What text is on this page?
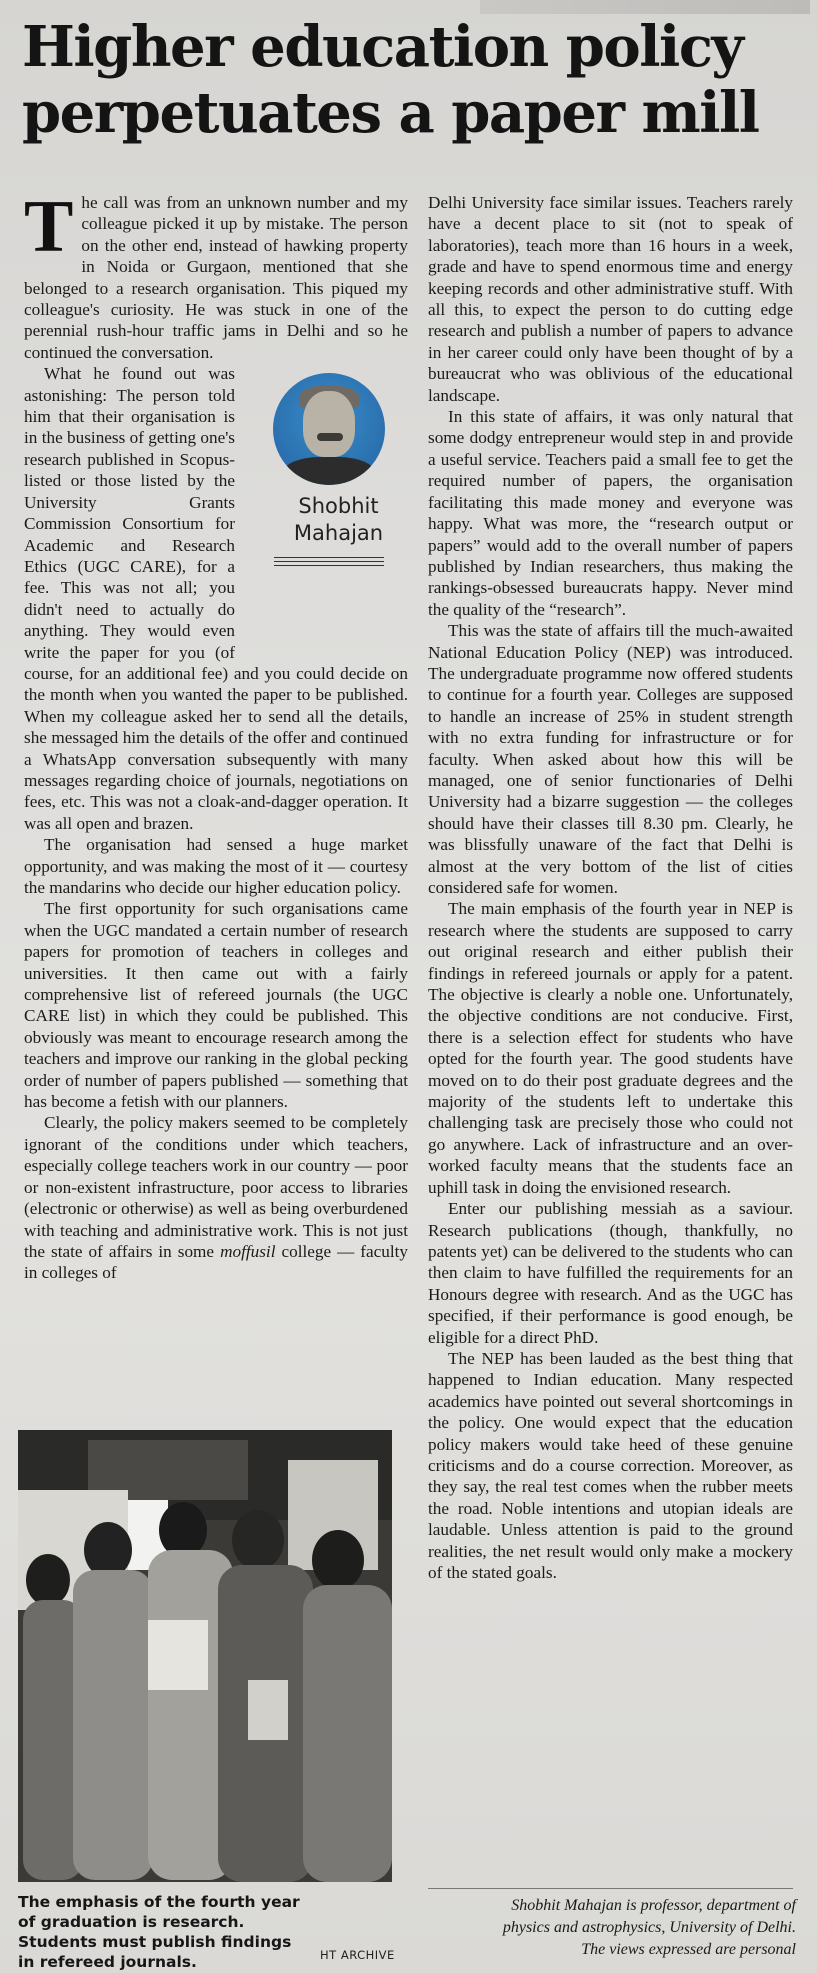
Higher education policy
perpetuates a paper mill

The call was from an unknown number and my colleague picked it up by mistake. The person on the other end, instead of hawking property in Noida or Gurgaon, mentioned that she belonged to a research organisation. This piqued my colleague's curiosity. He was stuck in one of the perennial rush-hour traffic jams in Delhi and so he continued the conversation.

Shobhit
Mahajan
What he found out was astonishing: The person told him that their organisation is in the business of getting one's research published in Scopus-listed or those listed by the University Grants Commission Consortium for Academic and Research Ethics (UGC CARE), for a fee. This was not all; you didn't need to actually do anything. They would even write the paper for you (of course, for an additional fee) and you could decide on the month when you wanted the paper to be published. When my colleague asked her to send all the details, she messaged him the details of the offer and continued a WhatsApp conversation subsequently with many messages regarding choice of journals, negotiations on fees, etc. This was not a cloak-and-dagger operation. It was all open and brazen.

The organisation had sensed a huge market opportunity, and was making the most of it — courtesy the mandarins who decide our higher education policy.

The first opportunity for such organisations came when the UGC mandated a certain number of research papers for promotion of teachers in colleges and universities. It then came out with a fairly comprehensive list of refereed journals (the UGC CARE list) in which they could be published. This obviously was meant to encourage research among the teachers and improve our ranking in the global pecking order of number of papers published — something that has become a fetish with our planners.

Clearly, the policy makers seemed to be completely ignorant of the conditions under which teachers, especially college teachers work in our country — poor or non-existent infrastructure, poor access to libraries (electronic or otherwise) as well as being overburdened with teaching and administrative work. This is not just the state of affairs in some moffusil college — faculty in colleges of

Delhi University face similar issues. Teachers rarely have a decent place to sit (not to speak of laboratories), teach more than 16 hours in a week, grade and have to spend enormous time and energy keeping records and other administrative stuff. With all this, to expect the person to do cutting edge research and publish a number of papers to advance in her career could only have been thought of by a bureaucrat who was oblivious of the educational landscape.

In this state of affairs, it was only natural that some dodgy entrepreneur would step in and provide a useful service. Teachers paid a small fee to get the required number of papers, the organisation facilitating this made money and everyone was happy. What was more, the “research output or papers” would add to the overall number of papers published by Indian researchers, thus making the rankings-obsessed bureaucrats happy. Never mind the quality of the “research”.

This was the state of affairs till the much-awaited National Education Policy (NEP) was introduced. The undergraduate programme now offered students to continue for a fourth year. Colleges are supposed to handle an increase of 25% in student strength with no extra funding for infrastructure or for faculty. When asked about how this will be managed, one of senior functionaries of Delhi University had a bizarre suggestion — the colleges should have their classes till 8.30 pm. Clearly, he was blissfully unaware of the fact that Delhi is almost at the very bottom of the list of cities considered safe for women.

The main emphasis of the fourth year in NEP is research where the students are supposed to carry out original research and either publish their findings in refereed journals or apply for a patent. The objective is clearly a noble one. Unfortunately, the objective conditions are not conducive. First, there is a selection effect for students who have opted for the fourth year. The good students have moved on to do their post graduate degrees and the majority of the students left to undertake this challenging task are precisely those who could not go anywhere. Lack of infrastructure and an over-worked faculty means that the students face an uphill task in doing the envisioned research.

Enter our publishing messiah as a saviour. Research publications (though, thankfully, no patents yet) can be delivered to the students who can then claim to have fulfilled the requirements for an Honours degree with research. And as the UGC has specified, if their performance is good enough, be eligible for a direct PhD.

The NEP has been lauded as the best thing that happened to Indian education. Many respected academics have pointed out several shortcomings in the policy. One would expect that the education policy makers would take heed of these genuine criticisms and do a course correction. Moreover, as they say, the real test comes when the rubber meets the road. Noble intentions and utopian ideals are laudable. Unless attention is paid to the ground realities, the net result would only make a mockery of the stated goals.

The emphasis of the fourth year of graduation is research. Students must publish findings in refereed journals.	HT ARCHIVE

Shobhit Mahajan is professor, department of
physics and astrophysics, University of Delhi.
The views expressed are personal
